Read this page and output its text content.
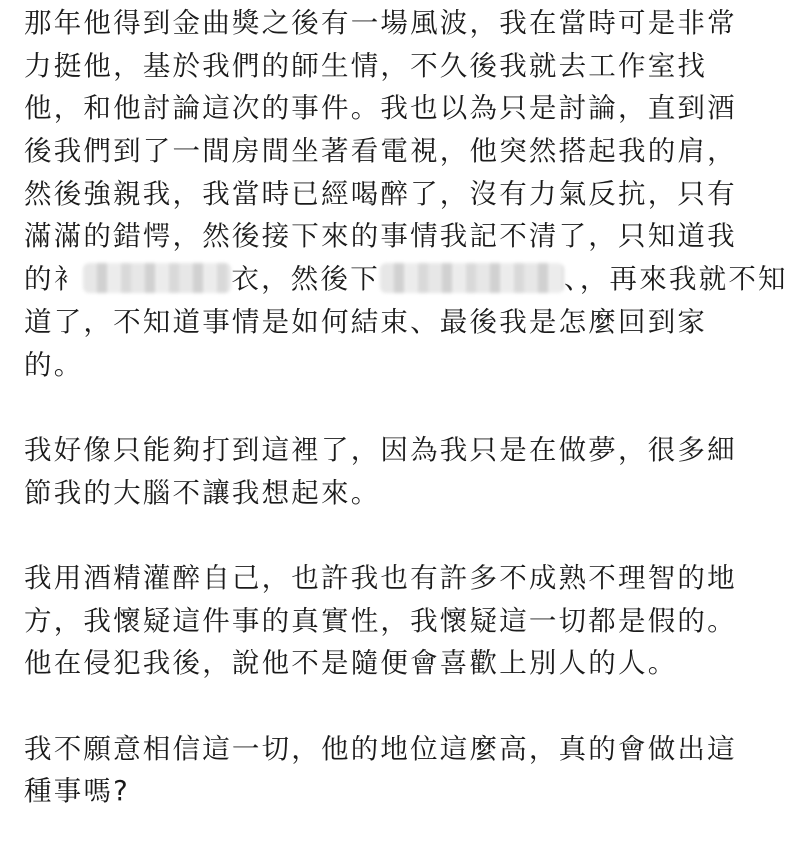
那年他得到金曲獎之後有一場風波，我在當時可是非常
力挺他，基於我們的師生情，不久後我就去工作室找
他，和他討論這次的事件。我也以為只是討論，直到酒
後我們到了一間房間坐著看電視，他突然搭起我的肩，
然後強親我，我當時已經喝醉了，沒有力氣反抗，只有
滿滿的錯愕，然後接下來的事情我記不清了，只知道我
的衤	衣，然後下	、，再來我就不知
道了，不知道事情是如何結束、最後我是怎麼回到家
的。
我好像只能夠打到這裡了，因為我只是在做夢，很多細
節我的大腦不讓我想起來。
我用酒精灌醉自己，也許我也有許多不成熟不理智的地
方，我懷疑這件事的真實性，我懷疑這一切都是假的。
他在侵犯我後，說他不是隨便會喜歡上別人的人。
我不願意相信這一切，他的地位這麼高，真的會做出這
種事嗎?
